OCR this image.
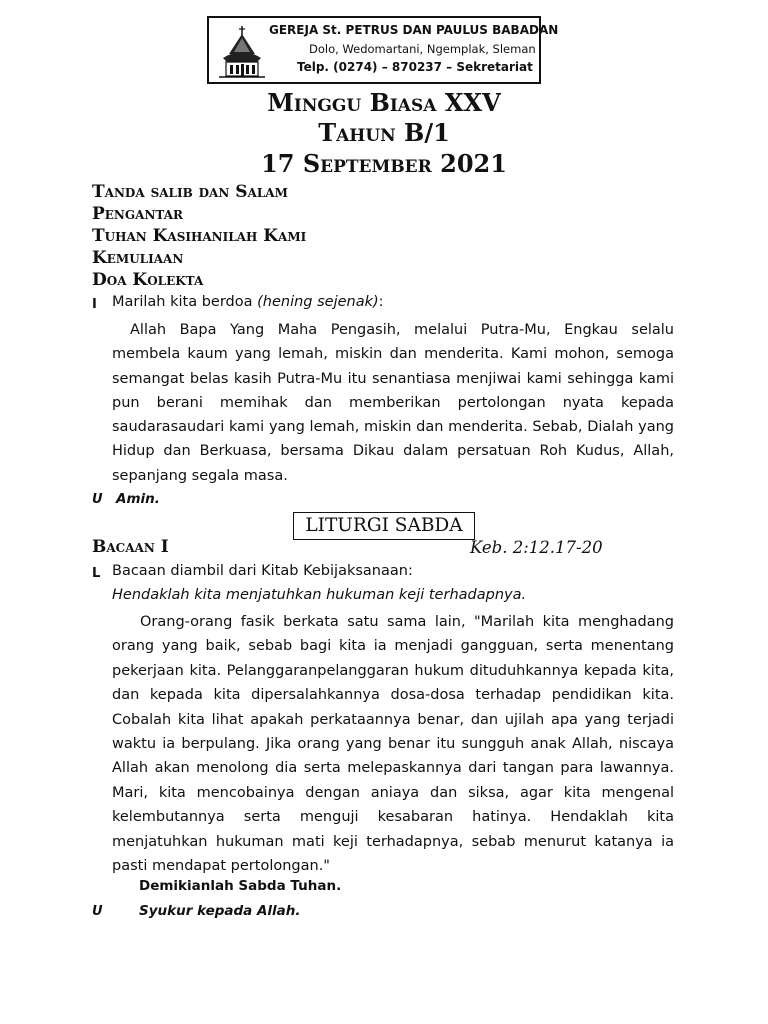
GEREJA St. PETRUS DAN PAULUS BABADAN
Dolo, Wedomartani, Ngemplak, Sleman
Telp. (0274) – 870237 – Sekretariat
Minggu Biasa XXV
Tahun B/1
17 September 2021
Tanda salib dan Salam
Pengantar
Tuhan Kasihanilah Kami
Kemuliaan
Doa Kolekta
I Marilah kita berdoa (hening sejenak):

Allah Bapa Yang Maha Pengasih, melalui Putra-Mu, Engkau selalu membela kaum yang lemah, miskin dan menderita. Kami mohon, semoga semangat belas kasih Putra-Mu itu senantiasa menjiwai kami sehingga kami pun berani memihak dan memberikan pertolongan nyata kepada saudarasaudari kami yang lemah, miskin dan menderita. Sebab, Dialah yang Hidup dan Berkuasa, bersama Dikau dalam persatuan Roh Kudus, Allah, sepanjang segala masa.

U Amin.
LITURGI SABDA
Bacaan I	Keb. 2:12.17-20
L Bacaan diambil dari Kitab Kebijaksanaan:
Hendaklah kita menjatuhkan hukuman keji terhadapnya.

Orang-orang fasik berkata satu sama lain, "Marilah kita menghadang orang yang baik, sebab bagi kita ia menjadi gangguan, serta menentang pekerjaan kita. Pelanggaranpelanggaran hukum dituduhkannya kepada kita, dan kepada kita dipersalahkannya dosa-dosa terhadap pendidikan kita. Cobalah kita lihat apakah perkataannya benar, dan ujilah apa yang terjadi waktu ia berpulang. Jika orang yang benar itu sungguh anak Allah, niscaya Allah akan menolong dia serta melepaskannya dari tangan para lawannya. Mari, kita mencobainya dengan aniaya dan siksa, agar kita mengenal kelembutannya serta menguji kesabaran hatinya. Hendaklah kita menjatuhkan hukuman mati keji terhadapnya, sebab menurut katanya ia pasti mendapat pertolongan."

Demikianlah Sabda Tuhan.
U	Syukur kepada Allah.
